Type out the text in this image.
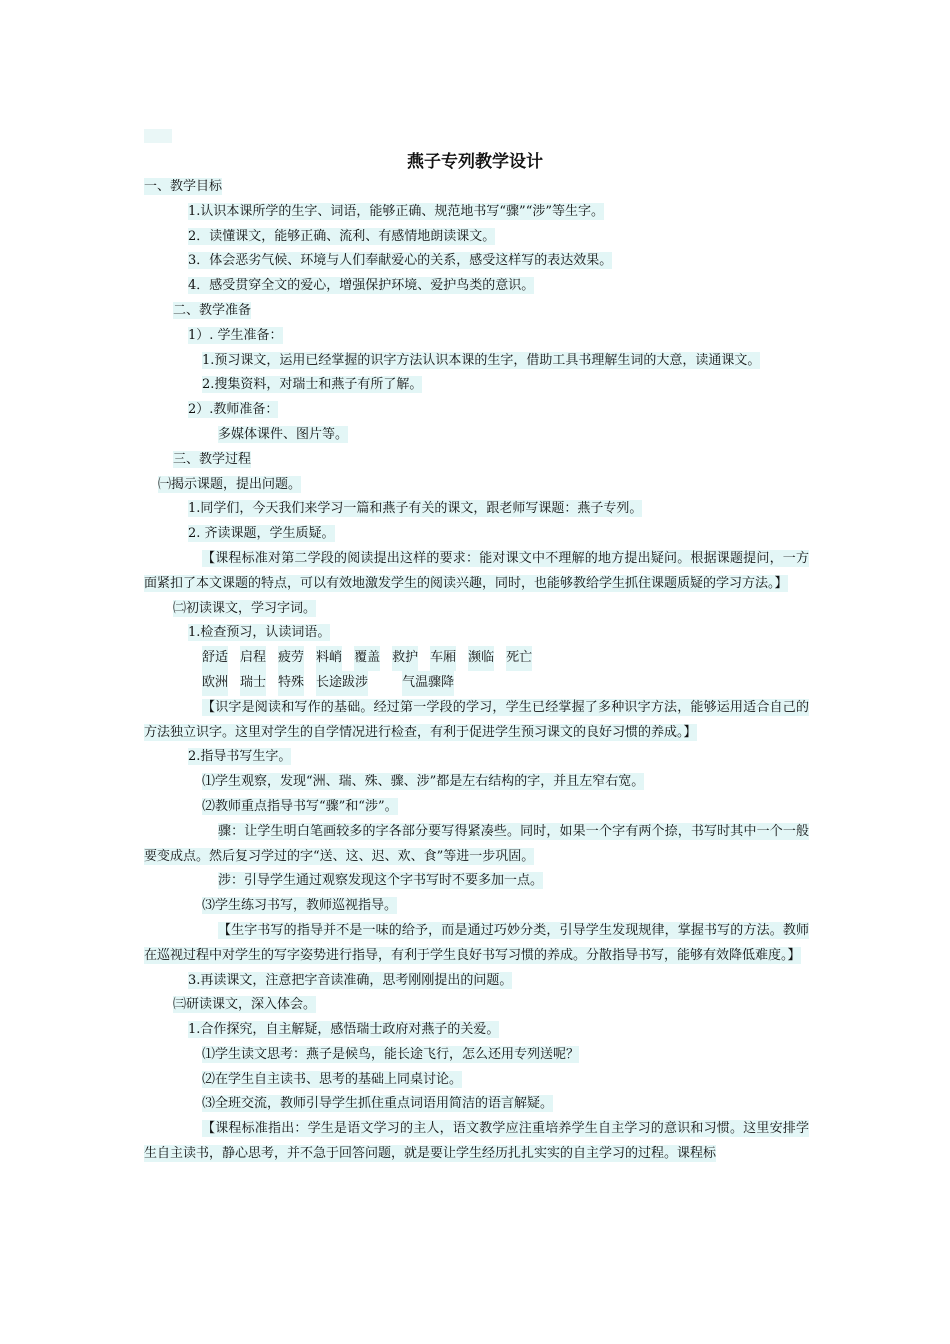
燕子专列教学设计

一、教学目标

1.认识本课所学的生字、词语，能够正确、规范地书写“骤”“涉”等生字。

2．读懂课文，能够正确、流利、有感情地朗读课文。

3．体会恶劣气候、环境与人们奉献爱心的关系，感受这样写的表达效果。

4．感受贯穿全文的爱心，增强保护环境、爱护鸟类的意识。

二、教学准备

1）. 学生准备：

1.预习课文，运用已经掌握的识字方法认识本课的生字，借助工具书理解生词的大意，读通课文。

2.搜集资料，对瑞士和燕子有所了解。

2）.教师准备：

多媒体课件、图片等。

三、教学过程

㈠揭示课题，提出问题。

1.同学们，今天我们来学习一篇和燕子有关的课文，跟老师写课题：燕子专列。

2. 齐读课题，学生质疑。

【课程标准对第二学段的阅读提出这样的要求：能对课文中不理解的地方提出疑问。根据课题提问，一方面紧扣了本文课题的特点，可以有效地激发学生的阅读兴趣，同时，也能够教给学生抓住课题质疑的学习方法。】

㈡初读课文，学习字词。

1.检查预习，认读词语。

舒适 启程 疲劳 料峭 覆盖 救护 车厢 濒临 死亡

欧洲 瑞士 特殊 长途跋涉	气温骤降

【识字是阅读和写作的基础。经过第一学段的学习，学生已经掌握了多种识字方法，能够运用适合自己的方法独立识字。这里对学生的自学情况进行检查，有利于促进学生预习课文的良好习惯的养成。】

2.指导书写生字。

⑴学生观察，发现“洲、瑞、殊、骤、涉”都是左右结构的字，并且左窄右宽。

⑵教师重点指导书写“骤”和“涉”。

骤：让学生明白笔画较多的字各部分要写得紧凑些。同时，如果一个字有两个捺，书写时其中一个一般要变成点。然后复习学过的字“送、这、迟、欢、食”等进一步巩固。

涉：引导学生通过观察发现这个字书写时不要多加一点。

⑶学生练习书写，教师巡视指导。

【生字书写的指导并不是一味的给予，而是通过巧妙分类，引导学生发现规律，掌握书写的方法。教师在巡视过程中对学生的写字姿势进行指导，有利于学生良好书写习惯的养成。分散指导书写，能够有效降低难度。】

3.再读课文，注意把字音读准确，思考刚刚提出的问题。

㈢研读课文，深入体会。

1.合作探究，自主解疑，感悟瑞士政府对燕子的关爱。

⑴学生读文思考：燕子是候鸟，能长途飞行，怎么还用专列送呢？

⑵在学生自主读书、思考的基础上同桌讨论。

⑶全班交流，教师引导学生抓住重点词语用简洁的语言解疑。

【课程标准指出：学生是语文学习的主人，语文教学应注重培养学生自主学习的意识和习惯。这里安排学生自主读书，静心思考，并不急于回答问题，就是要让学生经历扎扎实实的自主学习的过程。课程标
